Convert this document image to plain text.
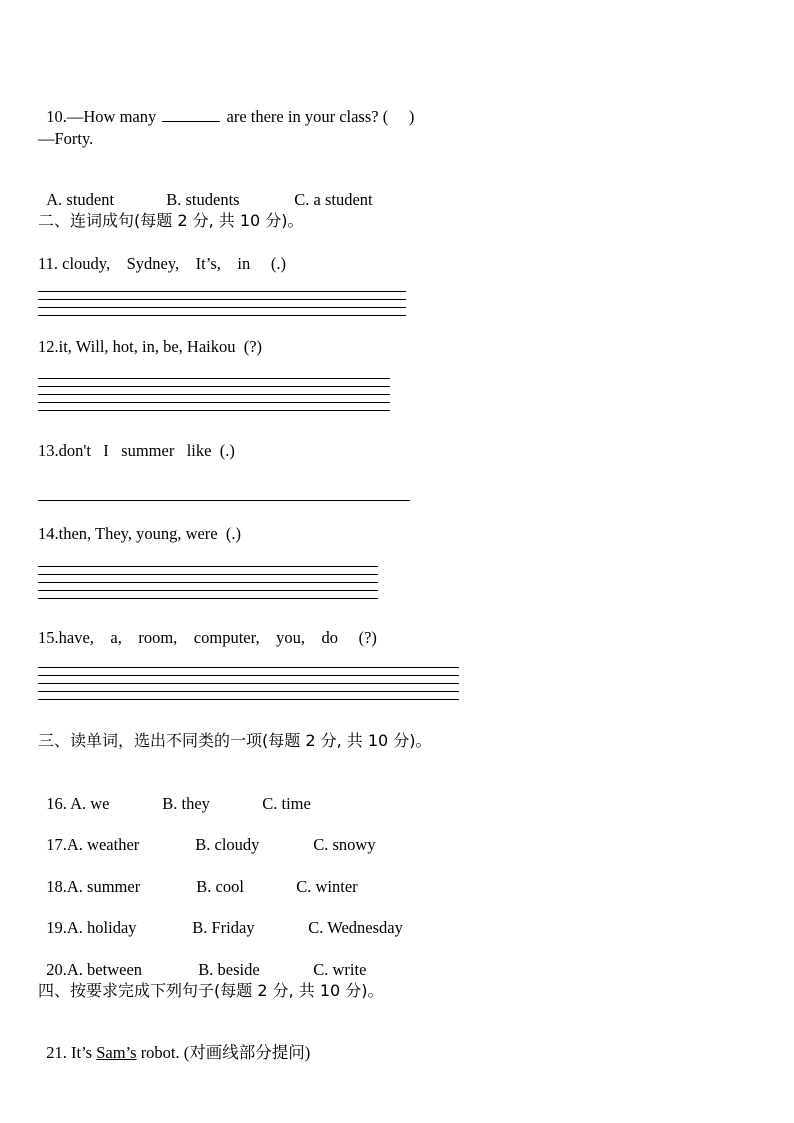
10.—How many	are there in your class? (     )

—Forty.

A. student	B. students	C. a student

二、连词成句(每题 2 分, 共 10 分)。
11. cloudy,    Sydney,    It’s,    in     (.)
12.it, Will, hot, in, be, Haikou  (?)
13.don't   I   summer   like  (.)
14.then, They, young, were  (.)
15.have,    a,    room,    computer,    you,    do     (?)
三、读单词，选出不同类的一项(每题 2 分, 共 10 分)。

16. A. we	B. they	C. time

17.A. weather	B. cloudy	C. snowy

18.A. summer	B. cool	C. winter

19.A. holiday	B. Friday	C. Wednesday

20.A. between	B. beside	C. write

四、按要求完成下列句子(每题 2 分, 共 10 分)。

21. It’s Sam’s robot. (对画线部分提问)
